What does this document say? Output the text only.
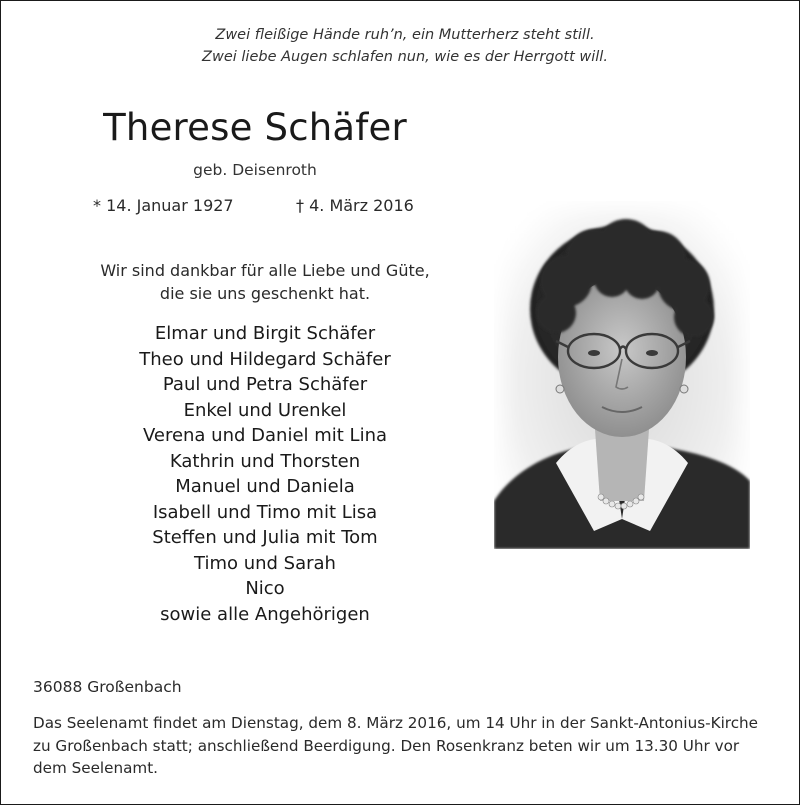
Zwei fleißige Hände ruh’n, ein Mutterherz steht still.
Zwei liebe Augen schlafen nun, wie es der Herrgott will.
Therese Schäfer
geb. Deisenroth
* 14. Januar 1927	† 4. März 2016
Wir sind dankbar für alle Liebe und Güte,
die sie uns geschenkt hat.
Elmar und Birgit Schäfer
Theo und Hildegard Schäfer
Paul und Petra Schäfer
Enkel und Urenkel
Verena und Daniel mit Lina
Kathrin und Thorsten
Manuel und Daniela
Isabell und Timo mit Lisa
Steffen und Julia mit Tom
Timo und Sarah
Nico
sowie alle Angehörigen
36088 Großenbach
Das Seelenamt findet am Dienstag, dem 8. März 2016, um 14 Uhr in der Sankt-Antonius-Kirche
zu Großenbach statt; anschließend Beerdigung. Den Rosenkranz beten wir um 13.30 Uhr vor
dem Seelenamt.
